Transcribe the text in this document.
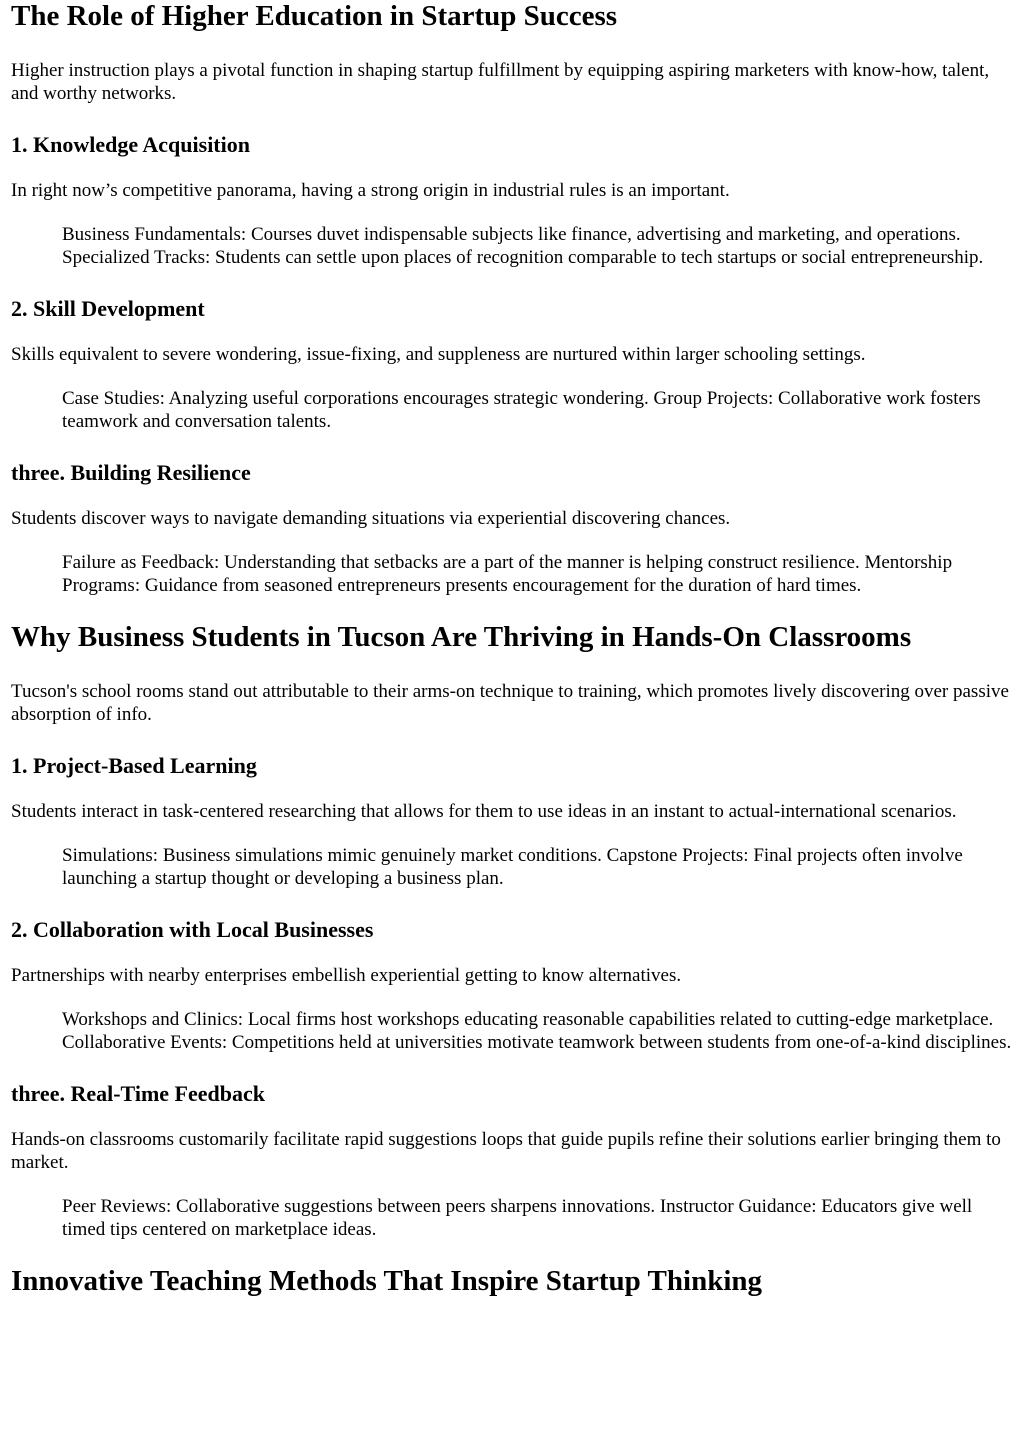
The Role of Higher Education in Startup Success

Higher instruction plays a pivotal function in shaping startup fulfillment by equipping aspiring marketers with know-how, talent, and worthy networks.

1. Knowledge Acquisition

In right now’s competitive panorama, having a strong origin in industrial rules is an important.

Business Fundamentals: Courses duvet indispensable subjects like finance, advertising and marketing, and operations. Specialized Tracks: Students can settle upon places of recognition comparable to tech startups or social entrepreneurship.
2. Skill Development

Skills equivalent to severe wondering, issue-fixing, and suppleness are nurtured within larger schooling settings.

Case Studies: Analyzing useful corporations encourages strategic wondering. Group Projects: Collaborative work fosters teamwork and conversation talents.
three. Building Resilience

Students discover ways to navigate demanding situations via experiential discovering chances.

Failure as Feedback: Understanding that setbacks are a part of the manner is helping construct resilience. Mentorship Programs: Guidance from seasoned entrepreneurs presents encouragement for the duration of hard times.
Why Business Students in Tucson Are Thriving in Hands-On Classrooms

Tucson's school rooms stand out attributable to their arms-on technique to training, which promotes lively discovering over passive absorption of info.

1. Project-Based Learning

Students interact in task-centered researching that allows for them to use ideas in an instant to actual-international scenarios.

Simulations: Business simulations mimic genuinely market conditions. Capstone Projects: Final projects often involve launching a startup thought or developing a business plan.
2. Collaboration with Local Businesses

Partnerships with nearby enterprises embellish experiential getting to know alternatives.

Workshops and Clinics: Local firms host workshops educating reasonable capabilities related to cutting-edge marketplace. Collaborative Events: Competitions held at universities motivate teamwork between students from one-of-a-kind disciplines.
three. Real-Time Feedback

Hands-on classrooms customarily facilitate rapid suggestions loops that guide pupils refine their solutions earlier bringing them to market.

Peer Reviews: Collaborative suggestions between peers sharpens innovations. Instructor Guidance: Educators give well timed tips centered on marketplace ideas.
Innovative Teaching Methods That Inspire Startup Thinking
